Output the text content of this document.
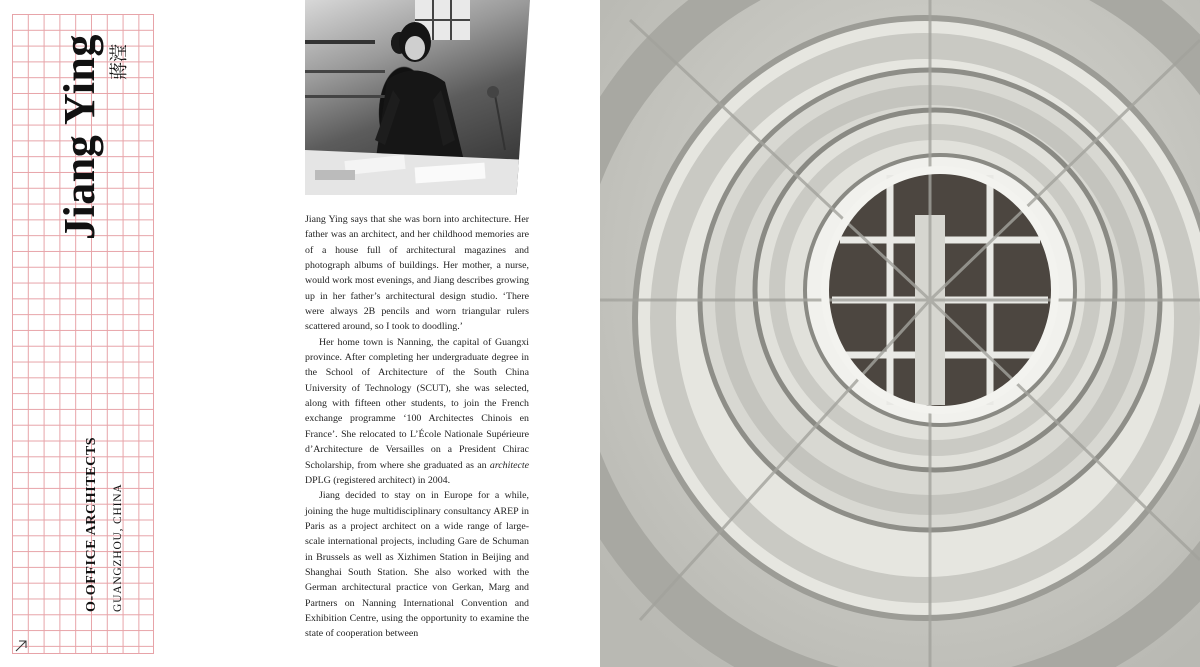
Jiang Ying 蔣滢
O-OFFICE ARCHITECTS GUANGZHOU, CHINA

Jiang Ying says that she was born into architecture. Her father was an architect, and her childhood memories are of a house full of architectural magazines and photograph albums of buildings. Her mother, a nurse, would work most evenings, and Jiang describes growing up in her father’s architectural design studio. ‘There were always 2B pencils and worn triangular rulers scattered around, so I took to doodling.’

Her home town is Nanning, the capital of Guangxi province. After completing her undergraduate degree in the School of Architecture of the South China University of Technology (SCUT), she was selected, along with fifteen other students, to join the French exchange programme ‘100 Architectes Chinois en France’. She relocated to L’École Nationale Supérieure d’Architecture de Versailles on a President Chirac Scholarship, from where she graduated as an architecte DPLG (registered architect) in 2004.

Jiang decided to stay on in Europe for a while, joining the huge multidisciplinary consultancy AREP in Paris as a project architect on a wide range of large-scale international projects, including Gare de Schuman in Brussels as well as Xizhimen Station in Beijing and Shanghai South Station. She also worked with the German architectural practice von Gerkan, Marg and Partners on Nanning International Convention and Exhibition Centre, using the opportunity to examine the state of cooperation between
